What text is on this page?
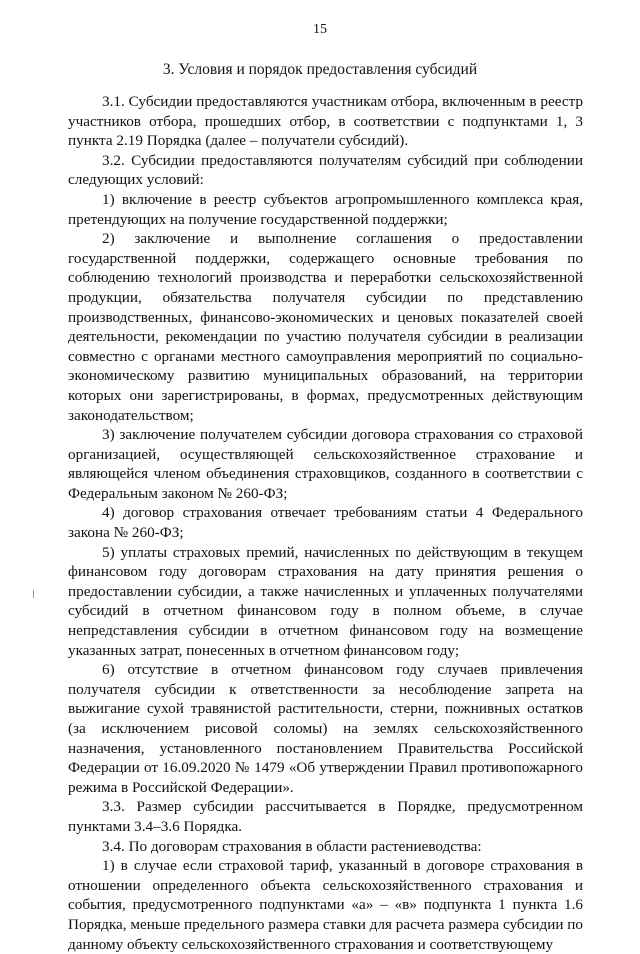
15
3. Условия и порядок предоставления субсидий

3.1. Субсидии предоставляются участникам отбора, включенным в реестр участников отбора, прошедших отбор, в соответствии с подпунктами 1, 3 пункта 2.19 Порядка (далее – получатели субсидий).

3.2. Субсидии предоставляются получателям субсидий при соблюдении следующих условий:

1) включение в реестр субъектов агропромышленного комплекса края, претендующих на получение государственной поддержки;

2) заключение и выполнение соглашения о предоставлении государственной поддержки, содержащего основные требования по соблюдению технологий производства и переработки сельскохозяйственной продукции, обязательства получателя субсидии по представлению производственных, финансово-экономических и ценовых показателей своей деятельности, рекомендации по участию получателя субсидии в реализации совместно с органами местного самоуправления мероприятий по социально-экономическому развитию муниципальных образований, на территории которых они зарегистрированы, в формах, предусмотренных действующим законодательством;

3) заключение получателем субсидии договора страхования со страховой организацией, осуществляющей сельскохозяйственное страхование и являющейся членом объединения страховщиков, созданного в соответствии с Федеральным законом № 260-ФЗ;

4) договор страхования отвечает требованиям статьи 4 Федерального закона № 260-ФЗ;

5) уплаты страховых премий, начисленных по действующим в текущем финансовом году договорам страхования на дату принятия решения о предоставлении субсидии, а также начисленных и уплаченных получателями субсидий в отчетном финансовом году в полном объеме, в случае непредставления субсидии в отчетном финансовом году на возмещение указанных затрат, понесенных в отчетном финансовом году;

6) отсутствие в отчетном финансовом году случаев привлечения получателя субсидии к ответственности за несоблюдение запрета на выжигание сухой травянистой растительности, стерни, пожнивных остатков (за исключением рисовой соломы) на землях сельскохозяйственного назначения, установленного постановлением Правительства Российской Федерации от 16.09.2020 № 1479 «Об утверждении Правил противопожарного режима в Российской Федерации».

3.3. Размер субсидии рассчитывается в Порядке, предусмотренном пунктами 3.4–3.6 Порядка.

3.4. По договорам страхования в области растениеводства:

1) в случае если страховой тариф, указанный в договоре страхования в отношении определенного объекта сельскохозяйственного страхования и события, предусмотренного подпунктами «а» – «в» подпункта 1 пункта 1.6 Порядка, меньше предельного размера ставки для расчета размера субсидии по данному объекту сельскохозяйственного страхования и соответствующему
